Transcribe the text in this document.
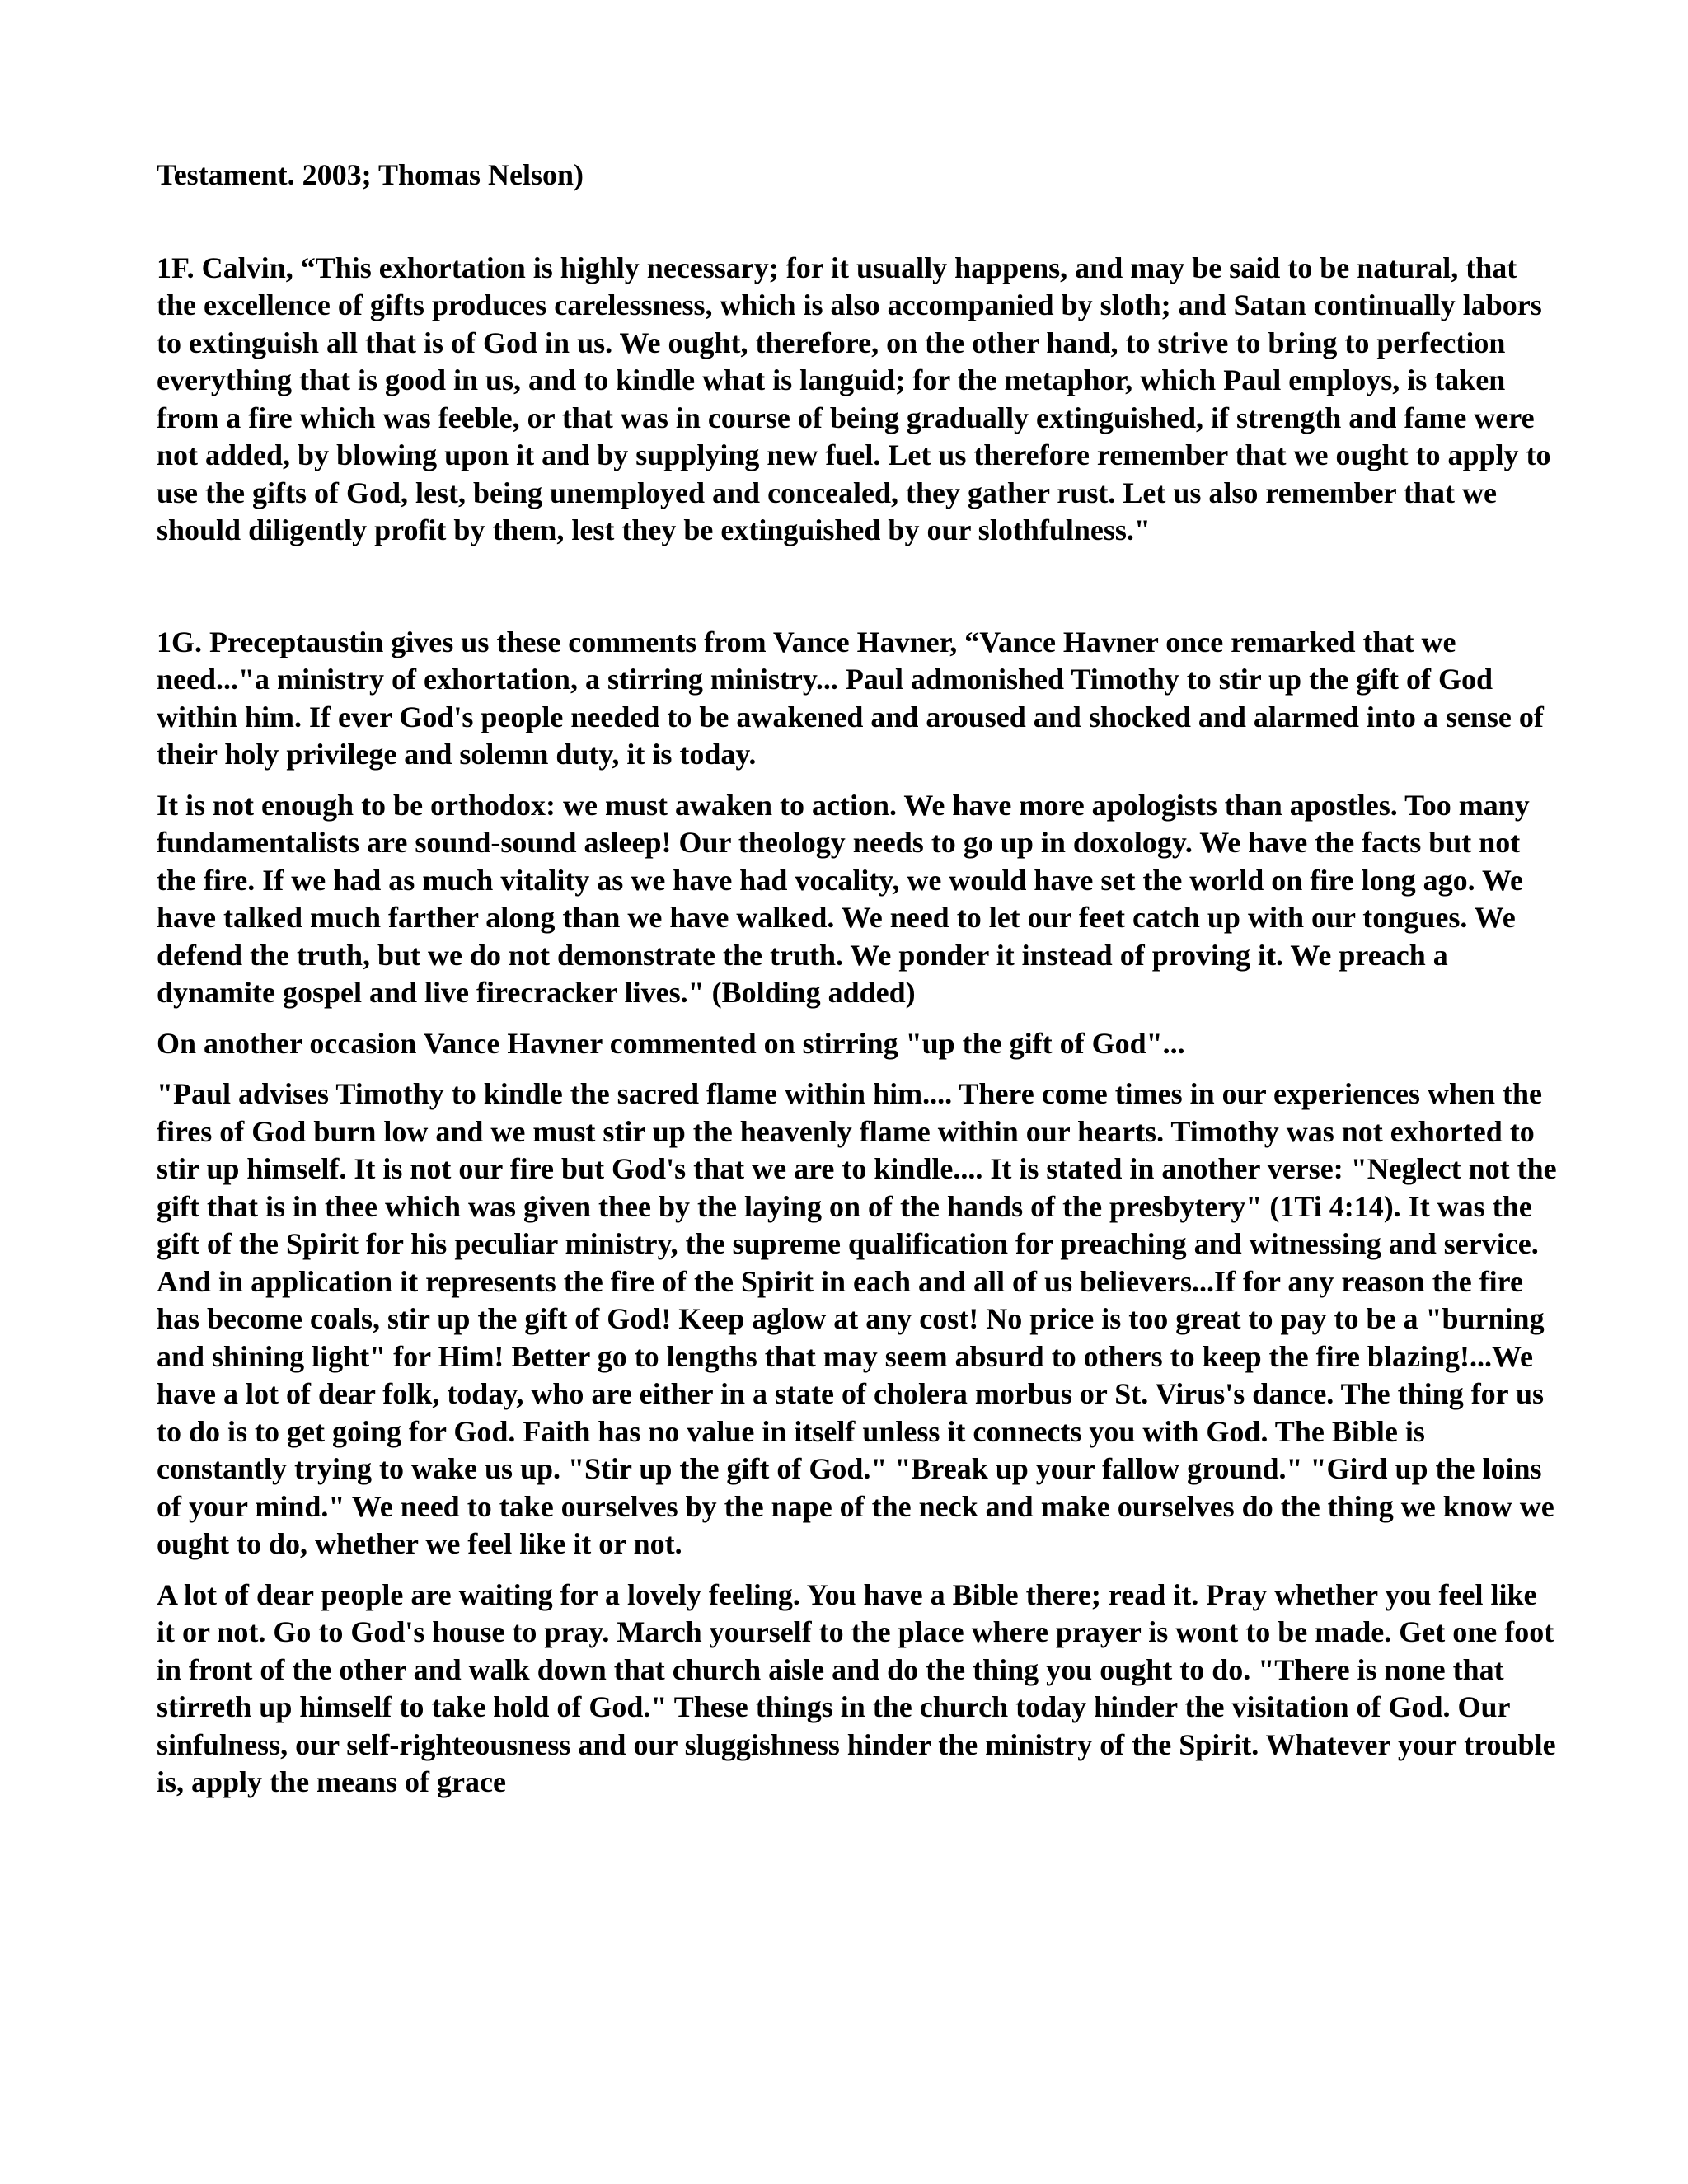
Testament. 2003; Thomas Nelson)

1F. Calvin, “This exhortation is highly necessary; for it usually happens, and may be said to be natural, that the excellence of gifts produces carelessness, which is also accompanied by sloth; and Satan continually labors to extinguish all that is of God in us. We ought, therefore, on the other hand, to strive to bring to perfection everything that is good in us, and to kindle what is languid; for the metaphor, which Paul employs, is taken from a fire which was feeble, or that was in course of being gradually extinguished, if strength and fame were not added, by blowing upon it and by supplying new fuel. Let us therefore remember that we ought to apply to use the gifts of God, lest, being unemployed and concealed, they gather rust. Let us also remember that we should diligently profit by them, lest they be extinguished by our slothfulness."

1G. Preceptaustin gives us these comments from Vance Havner, “Vance Havner once remarked that we need..."a ministry of exhortation, a stirring ministry... Paul admonished Timothy to stir up the gift of God within him. If ever God's people needed to be awakened and aroused and shocked and alarmed into a sense of their holy privilege and solemn duty, it is today.

It is not enough to be orthodox: we must awaken to action. We have more apologists than apostles. Too many fundamentalists are sound-sound asleep! Our theology needs to go up in doxology. We have the facts but not the fire. If we had as much vitality as we have had vocality, we would have set the world on fire long ago. We have talked much farther along than we have walked. We need to let our feet catch up with our tongues. We defend the truth, but we do not demonstrate the truth. We ponder it instead of proving it. We preach a dynamite gospel and live firecracker lives." (Bolding added)

On another occasion Vance Havner commented on stirring "up the gift of God"...

"Paul advises Timothy to kindle the sacred flame within him.... There come times in our experiences when the fires of God burn low and we must stir up the heavenly flame within our hearts. Timothy was not exhorted to stir up himself. It is not our fire but God's that we are to kindle.... It is stated in another verse: "Neglect not the gift that is in thee which was given thee by the laying on of the hands of the presbytery" (1Ti 4:14). It was the gift of the Spirit for his peculiar ministry, the supreme qualification for preaching and witnessing and service. And in application it represents the fire of the Spirit in each and all of us believers...If for any reason the fire has become coals, stir up the gift of God! Keep aglow at any cost! No price is too great to pay to be a "burning and shining light" for Him! Better go to lengths that may seem absurd to others to keep the fire blazing!...We have a lot of dear folk, today, who are either in a state of cholera morbus or St. Virus's dance. The thing for us to do is to get going for God. Faith has no value in itself unless it connects you with God. The Bible is constantly trying to wake us up. "Stir up the gift of God." "Break up your fallow ground." "Gird up the loins of your mind." We need to take ourselves by the nape of the neck and make ourselves do the thing we know we ought to do, whether we feel like it or not.

A lot of dear people are waiting for a lovely feeling. You have a Bible there; read it. Pray whether you feel like it or not. Go to God's house to pray. March yourself to the place where prayer is wont to be made. Get one foot in front of the other and walk down that church aisle and do the thing you ought to do. "There is none that stirreth up himself to take hold of God." These things in the church today hinder the visitation of God. Our sinfulness, our self-righteousness and our sluggishness hinder the ministry of the Spirit. Whatever your trouble is, apply the means of grace
